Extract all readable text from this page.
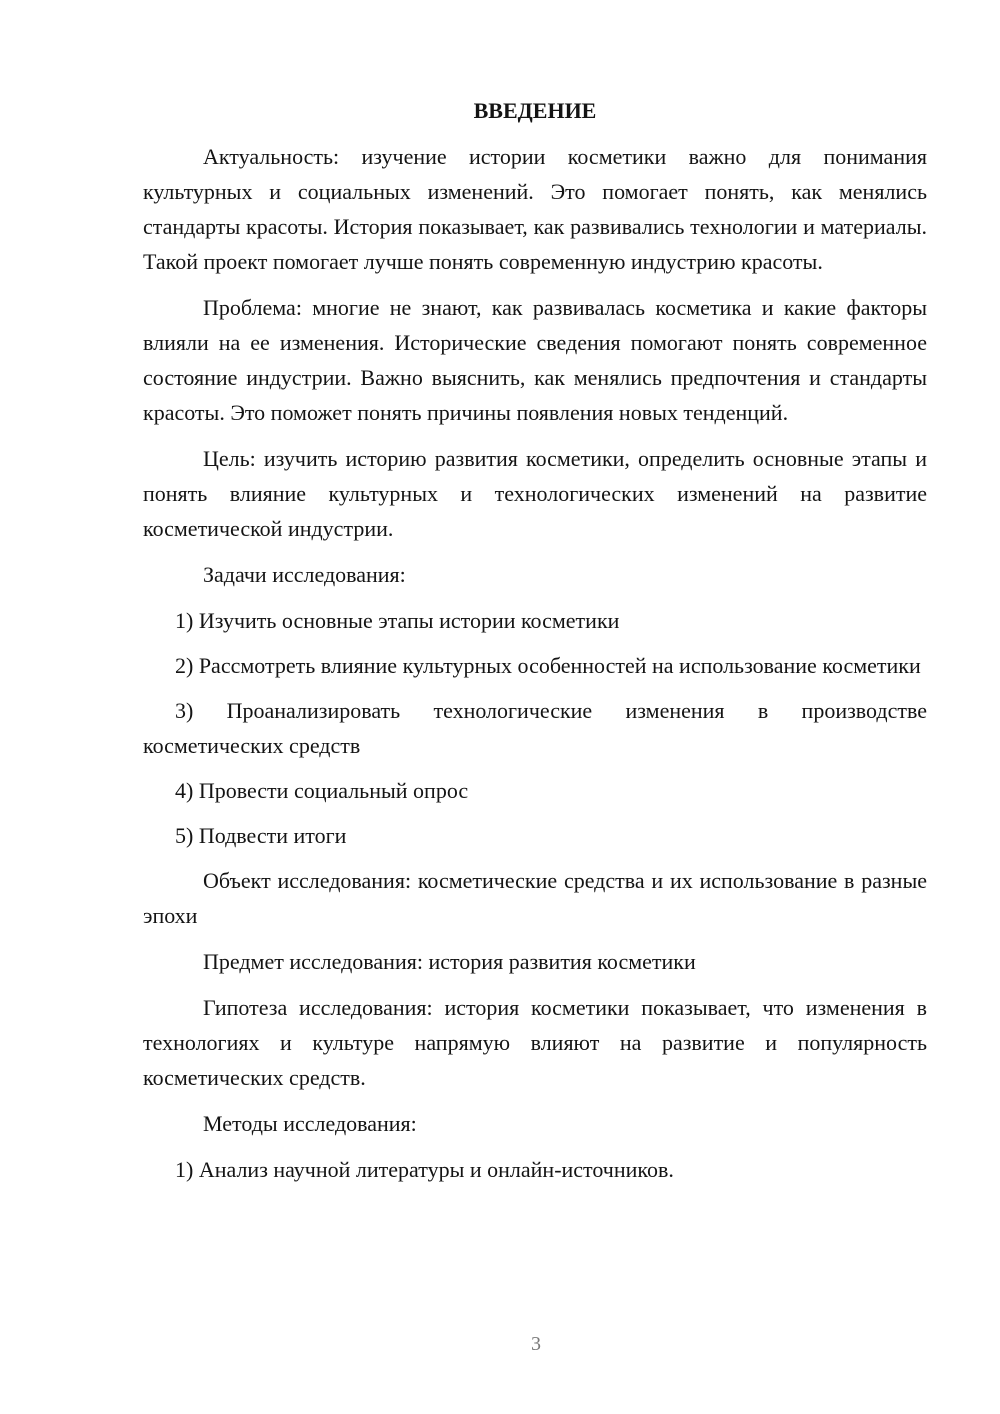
ВВЕДЕНИЕ

Актуальность: изучение истории косметики важно для понимания культурных и социальных изменений. Это помогает понять, как менялись стандарты красоты. История показывает, как развивались технологии и материалы. Такой проект помогает лучше понять современную индустрию красоты.

Проблема: многие не знают, как развивалась косметика и какие факторы влияли на ее изменения. Исторические сведения помогают понять современное состояние индустрии. Важно выяснить, как менялись предпочтения и стандарты красоты. Это поможет понять причины появления новых тенденций.

Цель: изучить историю развития косметики, определить основные этапы и понять влияние культурных и технологических изменений на развитие косметической индустрии.

Задачи исследования:

1) Изучить основные этапы истории косметики

2) Рассмотреть влияние культурных особенностей на использование косметики

3) Проанализировать технологические изменения в производстве косметических средств

4) Провести социальный опрос

5) Подвести итоги

Объект исследования: косметические средства и их использование в разные эпохи

Предмет исследования: история развития косметики

Гипотеза исследования: история косметики показывает, что изменения в технологиях и культуре напрямую влияют на развитие и популярность косметических средств.

Методы исследования:

1) Анализ научной литературы и онлайн-источников.

3
